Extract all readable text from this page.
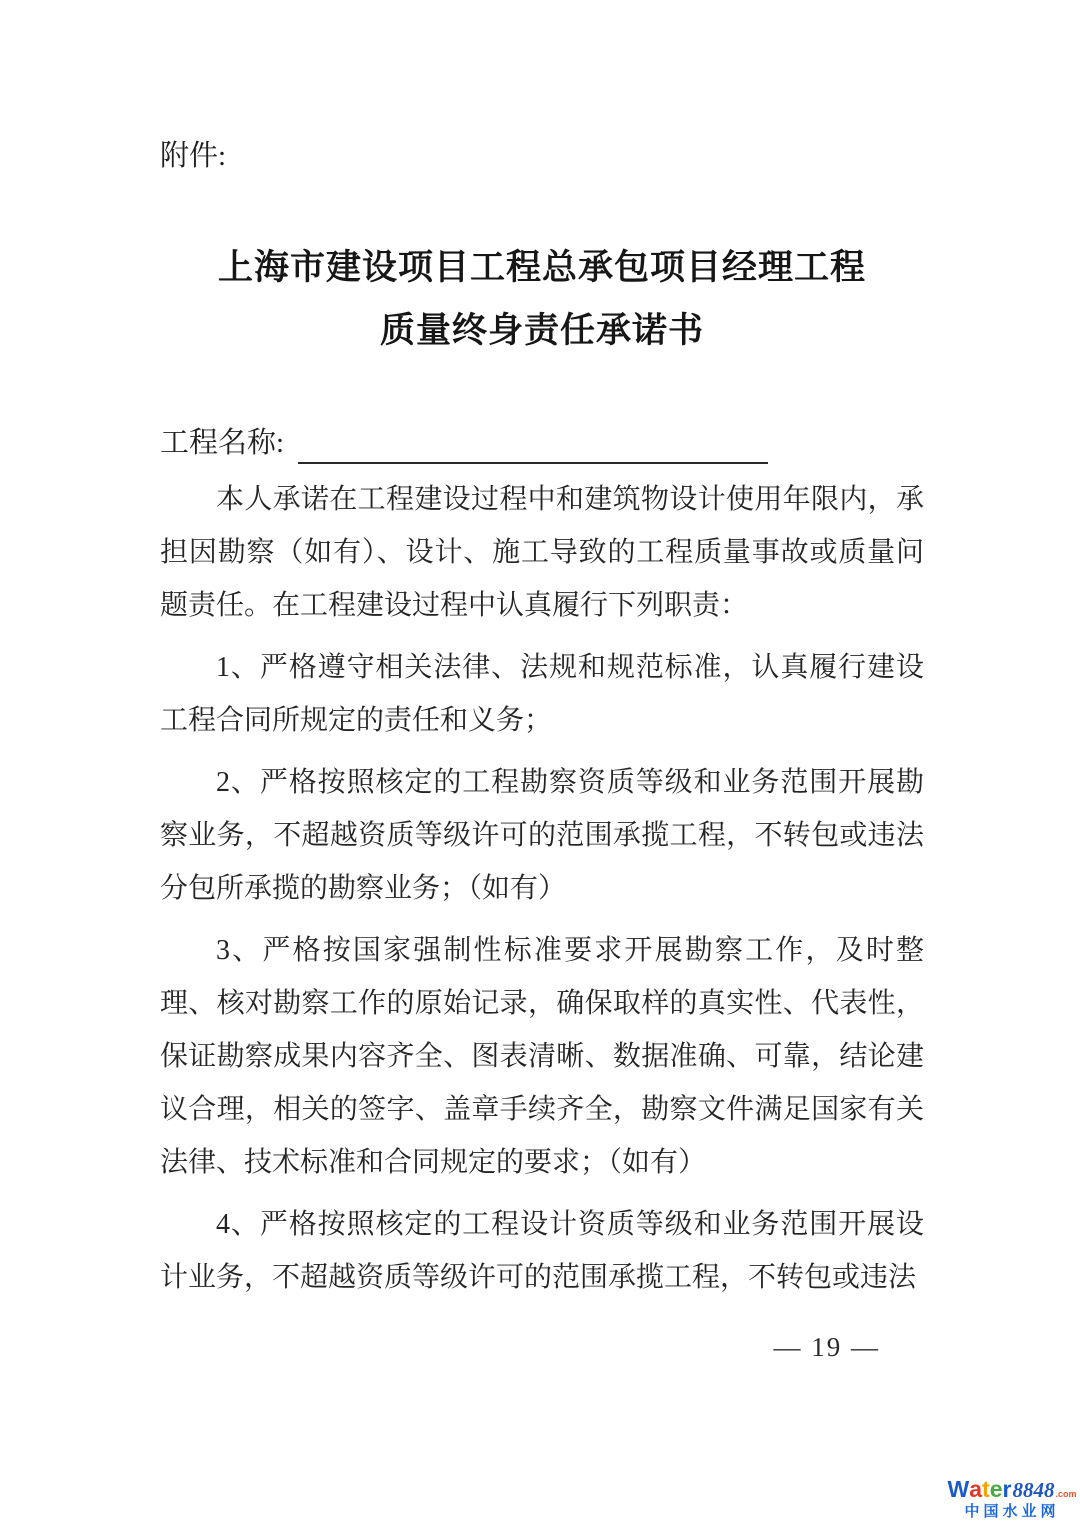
附件:
上海市建设项目工程总承包项目经理工程
质量终身责任承诺书
工程名称:

本人承诺在工程建设过程中和建筑物设计使用年限内，承担因勘察（如有）、设计、施工导致的工程质量事故或质量问题责任。在工程建设过程中认真履行下列职责：

1、严格遵守相关法律、法规和规范标准，认真履行建设工程合同所规定的责任和义务；

2、严格按照核定的工程勘察资质等级和业务范围开展勘察业务，不超越资质等级许可的范围承揽工程，不转包或违法分包所承揽的勘察业务；（如有）

3、严格按国家强制性标准要求开展勘察工作，及时整理、核对勘察工作的原始记录，确保取样的真实性、代表性，保证勘察成果内容齐全、图表清晰、数据准确、可靠，结论建议合理，相关的签字、盖章手续齐全，勘察文件满足国家有关法律、技术标准和合同规定的要求；（如有）

4、严格按照核定的工程设计资质等级和业务范围开展设计业务，不超越资质等级许可的范围承揽工程，不转包或违法

— 19 —
W a t e r 8848 .com
中国水业网
